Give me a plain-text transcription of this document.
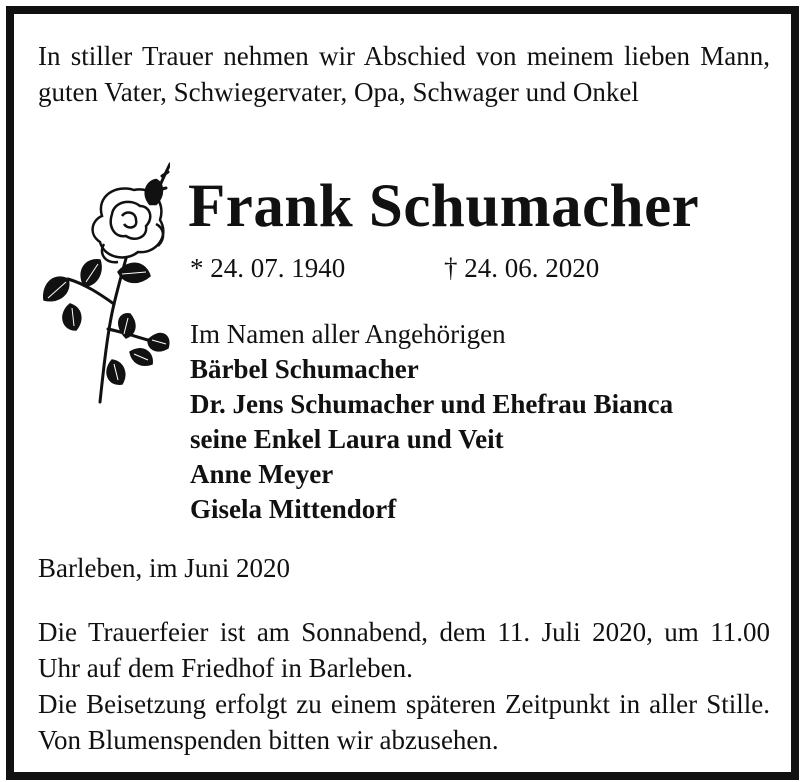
In stiller Trauer nehmen wir Abschied von meinem lieben Mann, guten Vater, Schwiegervater, Opa, Schwager und Onkel
Frank Schumacher
* 24. 07. 1940	† 24. 06. 2020
Im Namen aller Angehörigen
Bärbel Schumacher
Dr. Jens Schumacher und Ehefrau Bianca
seine Enkel Laura und Veit
Anne Meyer
Gisela Mittendorf
Barleben, im Juni 2020

Die Trauerfeier ist am Sonnabend, dem 11. Juli 2020, um 11.00 Uhr auf dem Friedhof in Barleben.

Die Beisetzung erfolgt zu einem späteren Zeitpunkt in aller Stille. Von Blumenspenden bitten wir abzusehen.
